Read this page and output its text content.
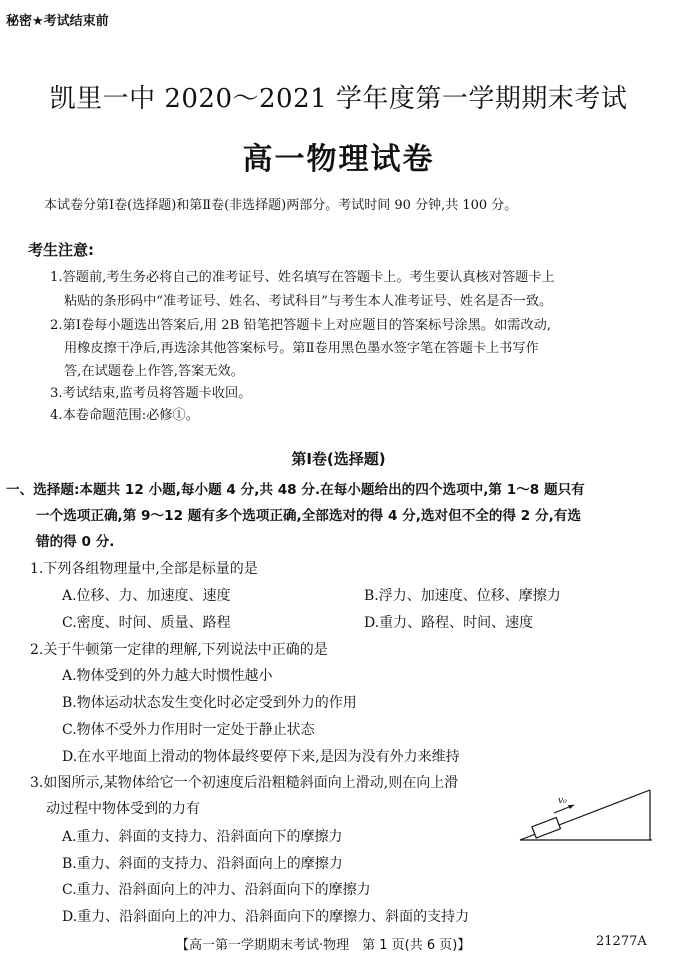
秘密★考试结束前
凯里一中 2020～2021 学年度第一学期期末考试
高一物理试卷
本试卷分第Ⅰ卷(选择题)和第Ⅱ卷(非选择题)两部分。考试时间 90 分钟,共 100 分。
考生注意:
1.答题前,考生务必将自己的准考证号、姓名填写在答题卡上。考生要认真核对答题卡上
粘贴的条形码中“准考证号、姓名、考试科目”与考生本人准考证号、姓名是否一致。
2.第Ⅰ卷每小题选出答案后,用 2B 铅笔把答题卡上对应题目的答案标号涂黑。如需改动,
用橡皮擦干净后,再选涂其他答案标号。第Ⅱ卷用黑色墨水签字笔在答题卡上书写作
答,在试题卷上作答,答案无效。
3.考试结束,监考员将答题卡收回。
4.本卷命题范围:必修①。
第Ⅰ卷(选择题)
一、选择题:本题共 12 小题,每小题 4 分,共 48 分.在每小题给出的四个选项中,第 1～8 题只有
一个选项正确,第 9～12 题有多个选项正确,全部选对的得 4 分,选对但不全的得 2 分,有选
错的得 0 分.
1.下列各组物理量中,全部是标量的是
A.位移、力、加速度、速度	B.浮力、加速度、位移、摩擦力
C.密度、时间、质量、路程	D.重力、路程、时间、速度
2.关于牛顿第一定律的理解,下列说法中正确的是
A.物体受到的外力越大时惯性越小
B.物体运动状态发生变化时必定受到外力的作用
C.物体不受外力作用时一定处于静止状态
D.在水平地面上滑动的物体最终要停下来,是因为没有外力来维持
3.如图所示,某物体给它一个初速度后沿粗糙斜面向上滑动,则在向上滑
动过程中物体受到的力有
A.重力、斜面的支持力、沿斜面向下的摩擦力
B.重力、斜面的支持力、沿斜面向上的摩擦力
C.重力、沿斜面向上的冲力、沿斜面向下的摩擦力
D.重力、沿斜面向上的冲力、沿斜面向下的摩擦力、斜面的支持力
v₀
【高一第一学期期末考试·物理　第 1 页(共 6 页)】	21277A
